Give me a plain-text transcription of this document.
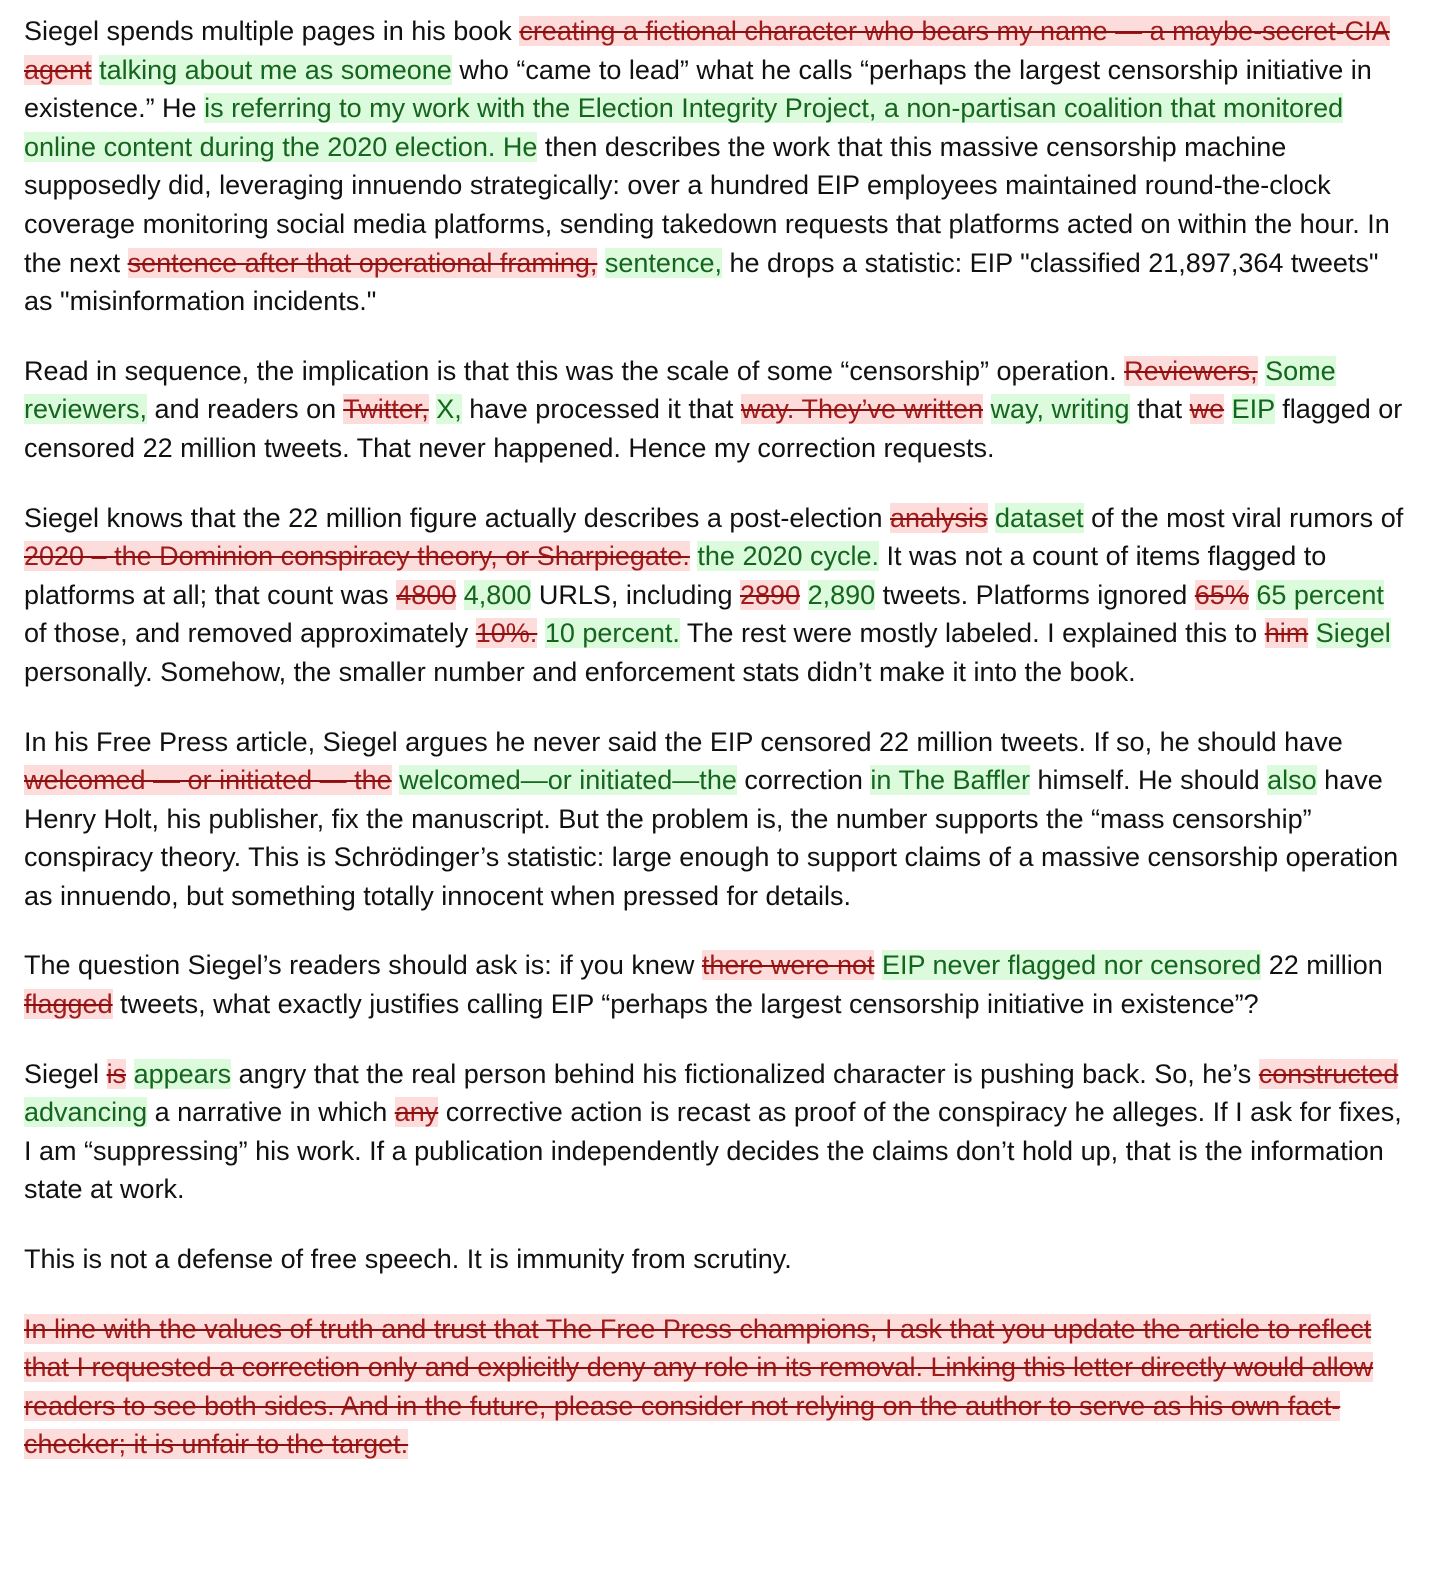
Siegel spends multiple pages in his book creating a fictional character who bears my name — a maybe-secret-CIA agent talking about me as someone who “came to lead” what he calls “perhaps the largest censorship initiative in existence.” He is referring to my work with the Election Integrity Project, a non-partisan coalition that monitored online content during the 2020 election. He then describes the work that this massive censorship machine supposedly did, leveraging innuendo strategically: over a hundred EIP employees maintained round-the-clock coverage monitoring social media platforms, sending takedown requests that platforms acted on within the hour. In the next sentence after that operational framing, sentence, he drops a statistic: EIP "classified 21,897,364 tweets" as "misinformation incidents."

Read in sequence, the implication is that this was the scale of some “censorship” operation. Reviewers, Some reviewers, and readers on Twitter, X, have processed it that way. They’ve written way, writing that we EIP flagged or censored 22 million tweets. That never happened. Hence my correction requests.

Siegel knows that the 22 million figure actually describes a post-election analysis dataset of the most viral rumors of 2020 – the Dominion conspiracy theory, or Sharpiegate. the 2020 cycle. It was not a count of items flagged to platforms at all; that count was 4800 4,800 URLS, including 2890 2,890 tweets. Platforms ignored 65% 65 percent of those, and removed approximately 10%. 10 percent. The rest were mostly labeled. I explained this to him Siegel personally. Somehow, the smaller number and enforcement stats didn’t make it into the book.

In his Free Press article, Siegel argues he never said the EIP censored 22 million tweets. If so, he should have welcomed — or initiated — the welcomed—or initiated—the correction in The Baffler himself. He should also have Henry Holt, his publisher, fix the manuscript. But the problem is, the number supports the “mass censorship” conspiracy theory. This is Schrödinger’s statistic: large enough to support claims of a massive censorship operation as innuendo, but something totally innocent when pressed for details.

The question Siegel’s readers should ask is: if you knew there were not EIP never flagged nor censored 22 million flagged tweets, what exactly justifies calling EIP “perhaps the largest censorship initiative in existence”?

Siegel is appears angry that the real person behind his fictionalized character is pushing back. So, he’s constructed advancing a narrative in which any corrective action is recast as proof of the conspiracy he alleges. If I ask for fixes, I am “suppressing” his work. If a publication independently decides the claims don’t hold up, that is the information state at work.

This is not a defense of free speech. It is immunity from scrutiny.

In line with the values of truth and trust that The Free Press champions, I ask that you update the article to reflect that I requested a correction only and explicitly deny any role in its removal. Linking this letter directly would allow readers to see both sides. And in the future, please consider not relying on the author to serve as his own fact-checker; it is unfair to the target.
